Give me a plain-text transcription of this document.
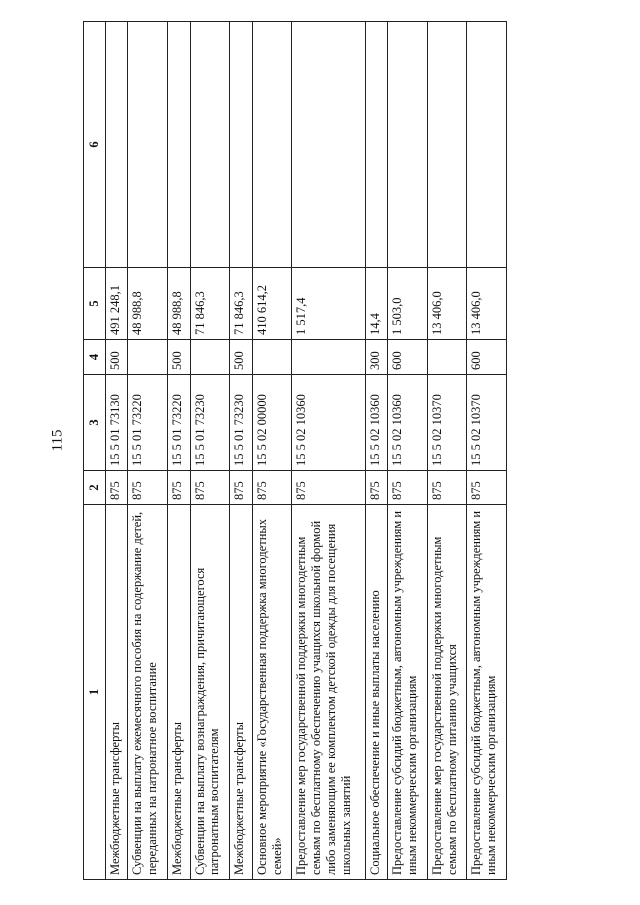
115
1	2	3	4	5	6
Межбюджетные трансферты	875	15 5 01 73130	500	491 248,1	
Субвенции на выплату ежемесячного пособия на содержание детей, переданных на патронатное воспитание	875	15 5 01 73220		48 988,8	
Межбюджетные трансферты	875	15 5 01 73220	500	48 988,8	
Субвенции на выплату вознаграждения, причитающегося патронатным воспитателям	875	15 5 01 73230		71 846,3	
Межбюджетные трансферты	875	15 5 01 73230	500	71 846,3	
Основное мероприятие «Государственная поддержка многодетных семей»	875	15 5 02 00000		410 614,2	
Предоставление мер государственной поддержки многодетным семьям по бесплатному обеспечению учащихся школьной формой либо заменяющим ее комплектом детской одежды для посещения школьных занятий	875	15 5 02 10360		1 517,4	
Социальное обеспечение и иные выплаты населению	875	15 5 02 10360	300	14,4	
Предоставление субсидий бюджетным, автономным учреждениям и иным некоммерческим организациям	875	15 5 02 10360	600	1 503,0	
Предоставление мер государственной поддержки многодетным семьям по бесплатному питанию учащихся	875	15 5 02 10370		13 406,0	
Предоставление субсидий бюджетным, автономным учреждениям и иным некоммерческим организациям	875	15 5 02 10370	600	13 406,0	
